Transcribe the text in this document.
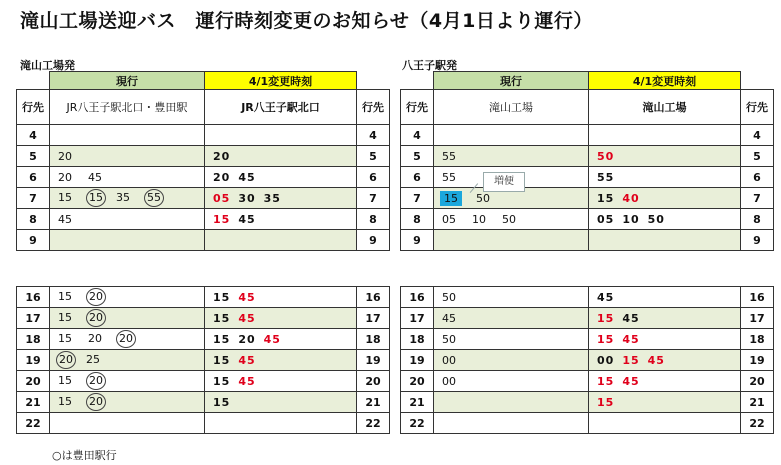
滝山工場送迎バス　運行時刻変更のお知らせ（4月1日より運行）
滝山工場発	八王子駅発
	現行	4/1変更時刻	
行先	JR八王子駅北口・豊田駅	JR八王子駅北口	行先
4			4
5	20	20	5
6	20 45	20 45	6
7	15 15 35 55	05 30 35	7
8	45	15 45	8
9			9
16	15 20	15 45	16
17	15 20	15 45	17
18	15 20 20	15 20 45	18
19	20 25	15 45	19
20	15 20	15 45	20
21	15 20	15	21
22			22
	現行	4/1変更時刻	
行先	滝山工場	滝山工場	行先
4			4
5	55	50	5
6	55	55	6
7	15 50	15 40	7
8	05 10 50	05 10 50	8
9			9
16	50	45	16
17	45	15 45	17
18	50	15 45	18
19	00	00 15 45	19
20	00	15 45	20
21		15	21
22			22
増便
○は豊田駅行
